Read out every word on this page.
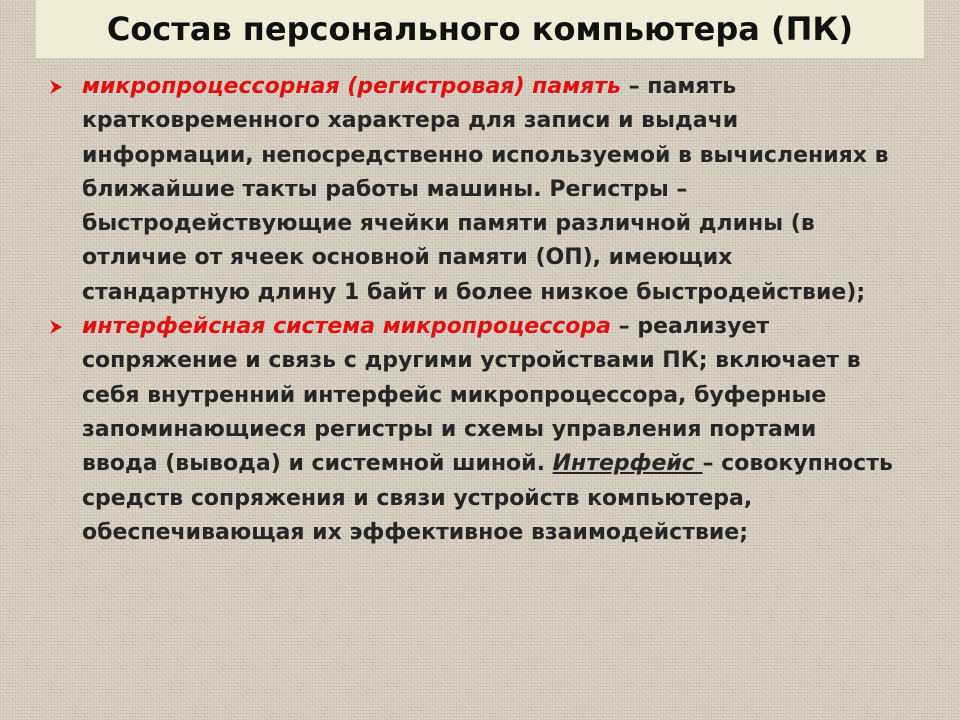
Состав персонального компьютера (ПК)
микропроцессорная (регистровая) память – память кратковременного характера для записи и выдачи информации, непосредственно используемой в вычислениях в ближайшие такты работы машины. Регистры – быстродействующие ячейки памяти различной длины (в отличие от ячеек основной памяти (ОП), имеющих стандартную длину 1 байт и более низкое быстродействие);
интерфейсная система микропроцессора – реализует сопряжение и связь с другими устройствами ПК; включает в себя внутренний интерфейс микропроцессора, буферные запоминающиеся регистры и схемы управления портами ввода (вывода) и системной шиной. Интерфейс – совокупность средств сопряжения и связи устройств компьютера, обеспечивающая их эффективное взаимодействие;
